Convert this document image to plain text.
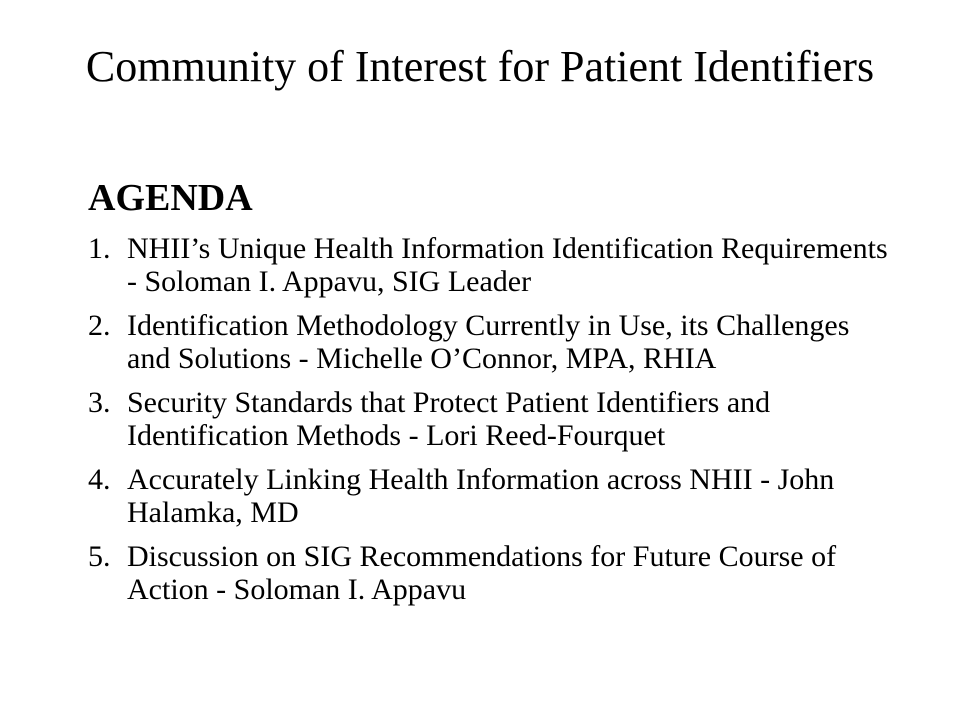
Community of Interest for Patient Identifiers
AGENDA
1. NHII’s Unique Health Information Identification Requirements - Soloman I. Appavu, SIG Leader
2. Identification Methodology Currently in Use, its Challenges and Solutions - Michelle O’Connor, MPA, RHIA
3. Security Standards that Protect Patient Identifiers and Identification Methods - Lori Reed-Fourquet
4. Accurately Linking Health Information across NHII - John Halamka, MD
5. Discussion on SIG Recommendations for Future Course of Action - Soloman I. Appavu
